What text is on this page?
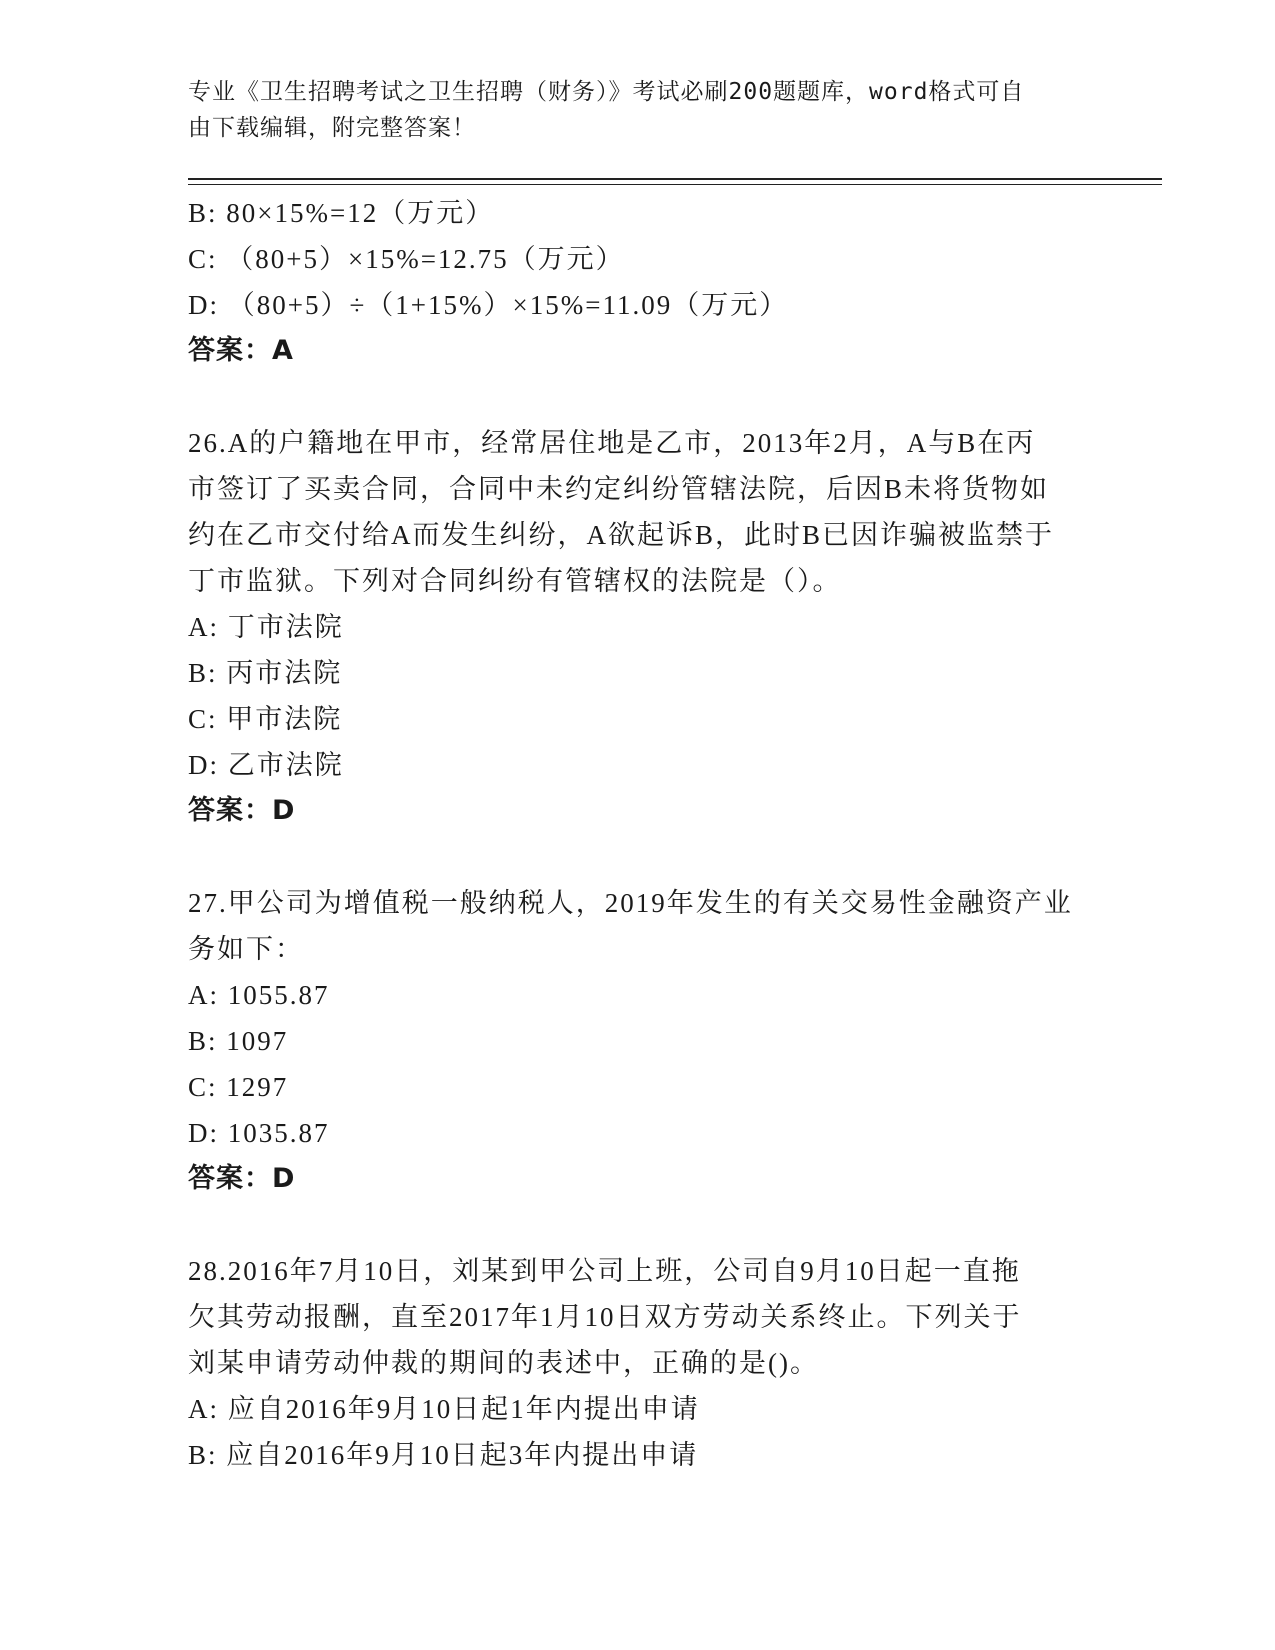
专业《卫生招聘考试之卫生招聘（财务）》考试必刷200题题库，word格式可自
由下载编辑，附完整答案！
B: 80×15%=12（万元）
C: （80+5）×15%=12.75（万元）
D: （80+5）÷（1+15%）×15%=11.09（万元）
答案：A
26.A的户籍地在甲市，经常居住地是乙市，2013年2月，A与B在丙
市签订了买卖合同，合同中未约定纠纷管辖法院，后因B未将货物如
约在乙市交付给A而发生纠纷，A欲起诉B，此时B已因诈骗被监禁于
丁市监狱。下列对合同纠纷有管辖权的法院是（）。
A: 丁市法院
B: 丙市法院
C: 甲市法院
D: 乙市法院
答案：D
27.甲公司为增值税一般纳税人，2019年发生的有关交易性金融资产业
务如下：
A: 1055.87
B: 1097
C: 1297
D: 1035.87
答案：D
28.2016年7月10日，刘某到甲公司上班，公司自9月10日起一直拖
欠其劳动报酬，直至2017年1月10日双方劳动关系终止。下列关于
刘某申请劳动仲裁的期间的表述中，正确的是()。
A: 应自2016年9月10日起1年内提出申请
B: 应自2016年9月10日起3年内提出申请
